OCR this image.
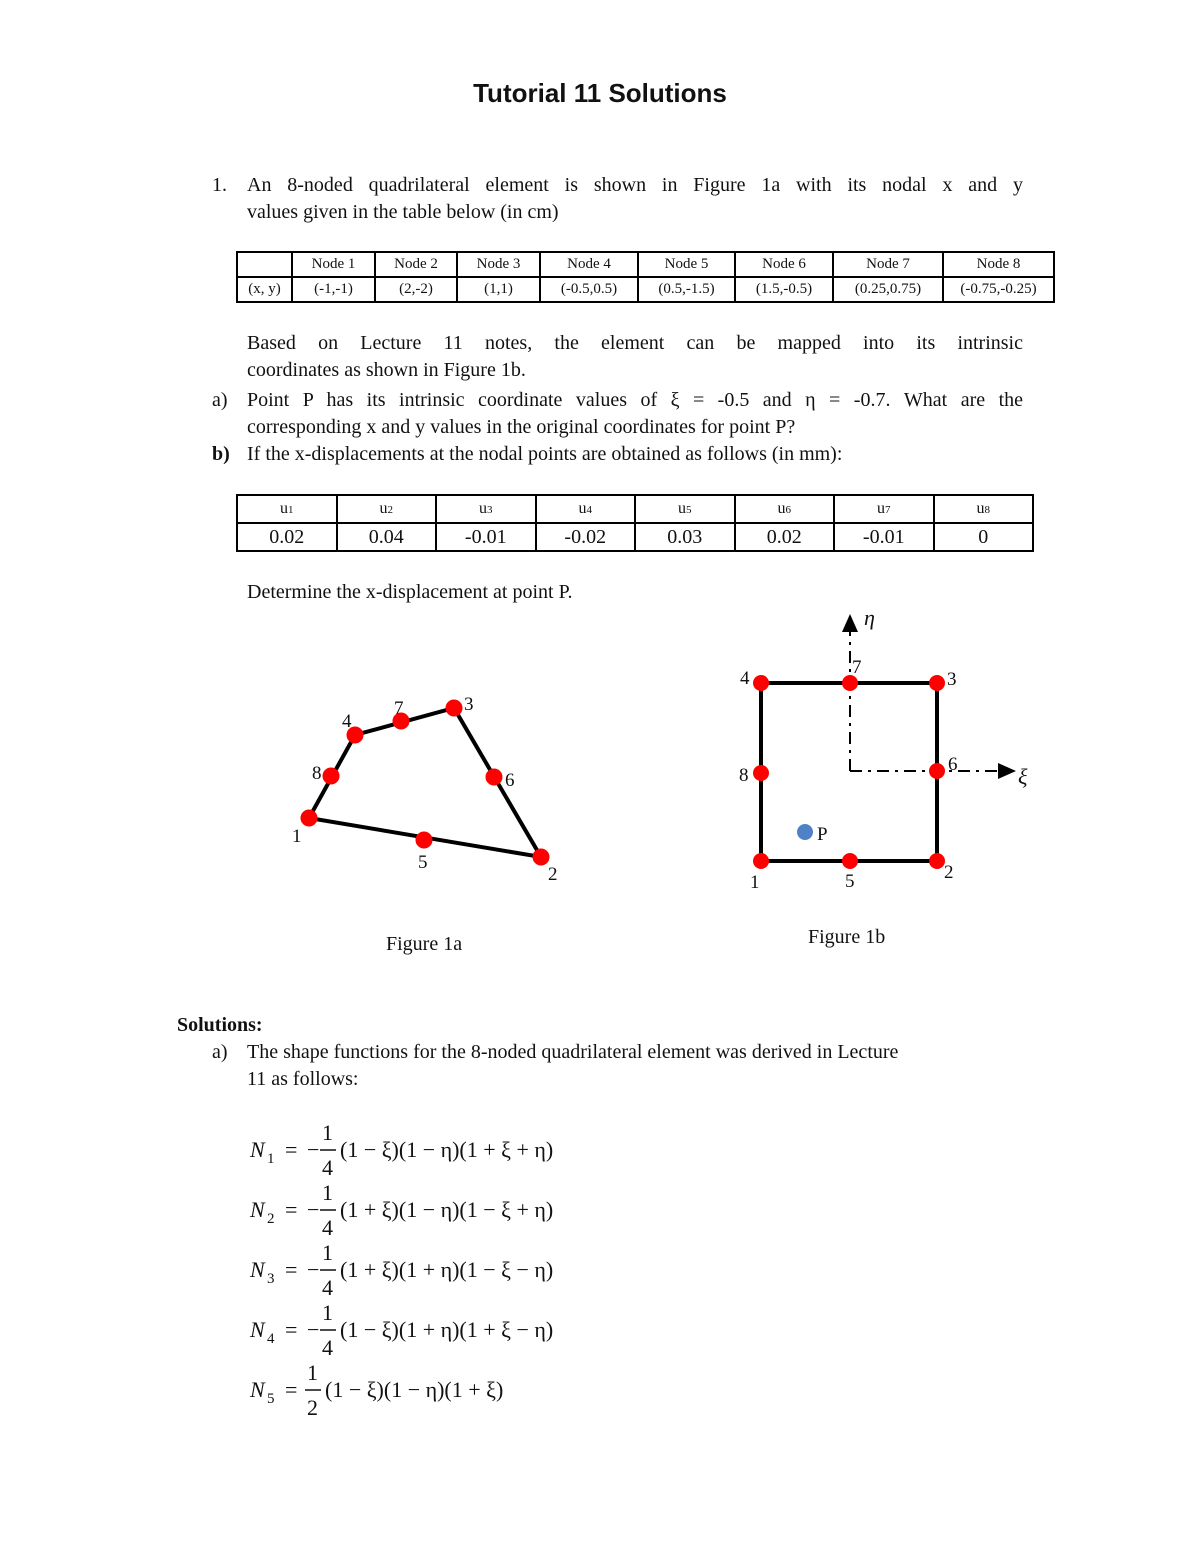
Tutorial 11 Solutions
1. An 8-noded quadrilateral element is shown in Figure 1a with its nodal x and y
values given in the table below (in cm)
	Node 1	Node 2	Node 3	Node 4	Node 5	Node 6	Node 7	Node 8
(x, y)	(-1,-1)	(2,-2)	(1,1)	(-0.5,0.5)	(0.5,-1.5)	(1.5,-0.5)	(0.25,0.75)	(-0.75,-0.25)
Based on Lecture 11 notes, the element can be mapped into its intrinsic
coordinates as shown in Figure 1b.
a) Point P has its intrinsic coordinate values of ξ = -0.5 and η = -0.7. What are the
corresponding x and y values in the original coordinates for point P?
b) If the x-displacements at the nodal points are obtained as follows (in mm):
u1	u2	u3	u4	u5	u6	u7	u8
0.02	0.04	-0.01	-0.02	0.03	0.02	-0.01	0
Determine the x-displacement at point P.
1
2
3
4
5
6
7
8
Figure 1a
1	2
3
4
5
6
7
8
P
η
ξ
Figure 1b
Solutions:
a) The shape functions for the 8-noded quadrilateral element was derived in Lecture
11 as follows:
N 1 = −
1
4
(1 − ξ)(1 − η)(1 + ξ + η)
N 2 = −
1
4
(1 + ξ)(1 − η)(1 − ξ + η)
N 3 = −
1
4
(1 + ξ)(1 + η)(1 − ξ − η)
N 4 = −
1
4
(1 − ξ)(1 + η)(1 + ξ − η)
N 5 =
1
2
(1 − ξ)(1 − η)(1 + ξ)
